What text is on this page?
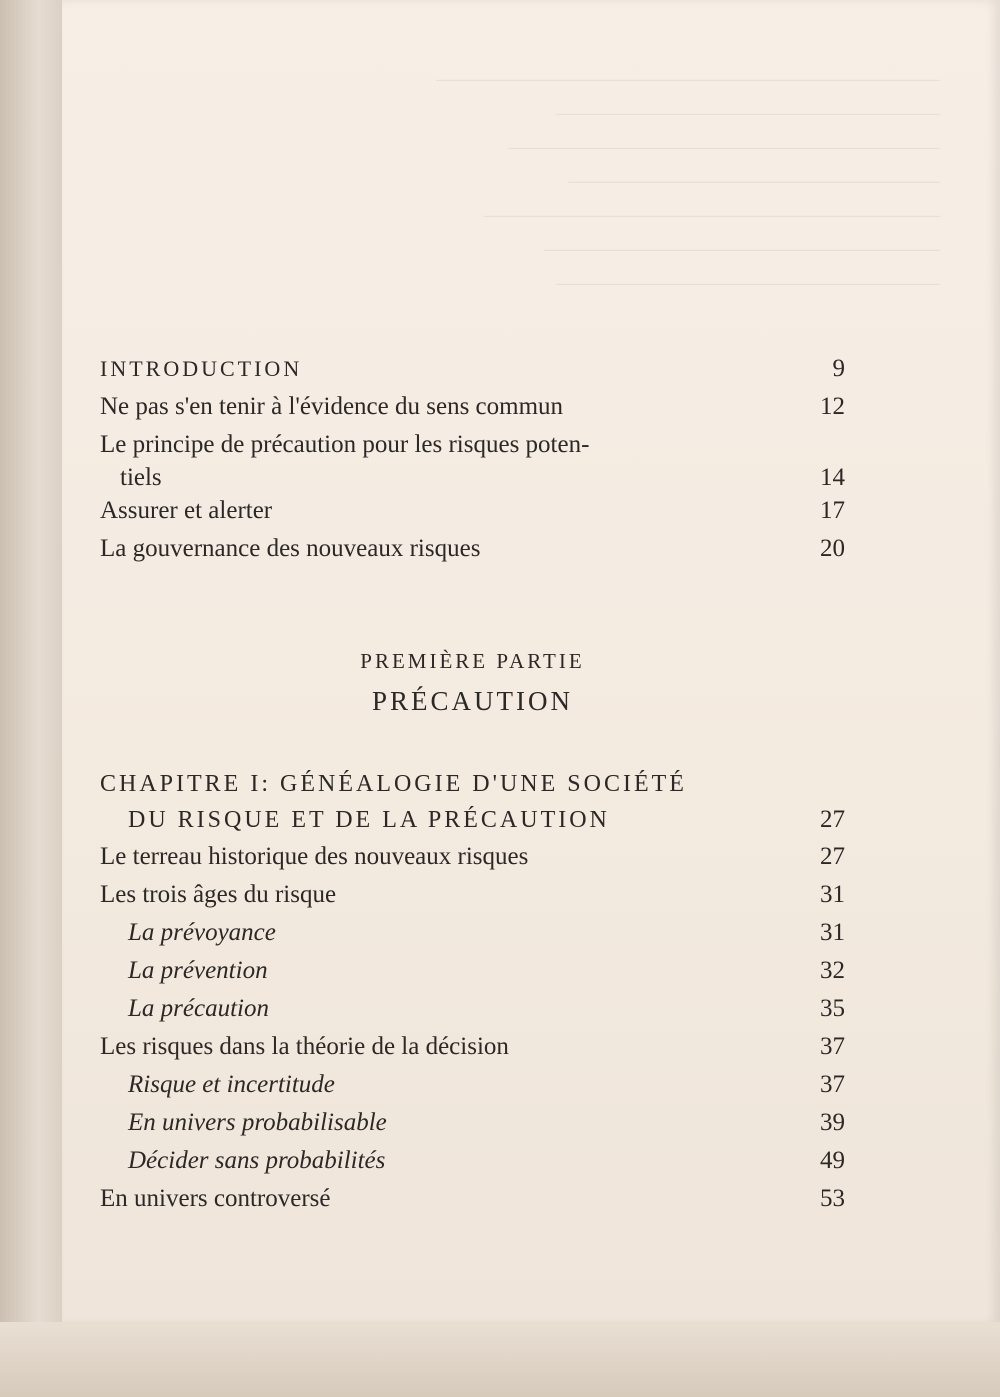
__________________________________________
________________________________
____________________________________
_______________________________
______________________________________
_________________________________
________________________________

INTRODUCTION	9
Ne pas s'en tenir à l'évidence du sens commun	12
Le principe de précaution pour les risques poten-
tiels	14
Assurer et alerter	17
La gouvernance des nouveaux risques	20
PREMIÈRE PARTIE
PRÉCAUTION
CHAPITRE I: GÉNÉALOGIE D'UNE SOCIÉTÉ
DU RISQUE ET DE LA PRÉCAUTION	27
Le terreau historique des nouveaux risques	27
Les trois âges du risque	31
La prévoyance	31
La prévention	32
La précaution	35
Les risques dans la théorie de la décision	37
Risque et incertitude	37
En univers probabilisable	39
Décider sans probabilités	49
En univers controversé	53
